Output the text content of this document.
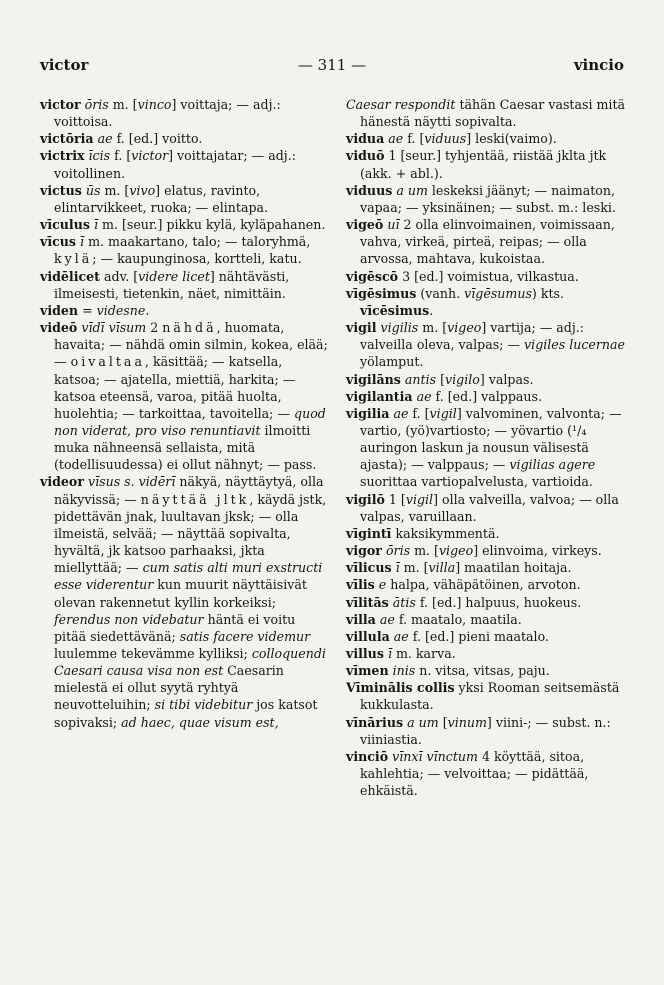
victor	— 311 —	vincio
victor ōris m. [vinco] voittaja; — adj.: voittoisa.
victōria ae f. [ed.] voitto.
victrix īcis f. [victor] voittajatar; — adj.: voitollinen.
victus ūs m. [vivo] elatus, ravinto, elintarvikkeet, ruoka; — elintapa.
vīculus ī m. [seur.] pikku kylä, kyläpahanen.
vīcus ī m. maakartano, talo; — taloryhmä, kylä; — kaupunginosa, kortteli, katu.
vidēlicet adv. [videre licet] nähtävästi, ilmeisesti, tietenkin, näet, nimittäin.
viden = videsne.
videō vīdī vīsum 2 nähdä, huomata, havaita; — nähdä omin silmin, kokea, elää; — oivaltaa, käsittää; — katsella, katsoa; — ajatella, miettiä, harkita; — katsoa eteensä, varoa, pitää huolta, huolehtia; — tarkoittaa, tavoitella; — quod non viderat, pro viso renuntiavit ilmoitti muka nähneensä sellaista, mitä (todellisuudessa) ei ollut nähnyt; — pass.
videor vīsus s. vidērī näkyä, näyttäytyä, olla näkyvissä; — näyttää jltk, käydä jstk, pidettävän jnak, luultavan jksk; — olla ilmeistä, selvää; — näyttää sopivalta, hyvältä, jk katsoo parhaaksi, jkta miellyttää; — cum satis alti muri exstructi esse viderentur kun muurit näyttäisivät olevan rakennetut kyllin korkeiksi; ferendus non videbatur häntä ei voitu pitää siedettävänä; satis facere videmur luulemme tekevämme kylliksi; colloquendi Caesari causa visa non est Caesarin mielestä ei ollut syytä ryhtyä neuvotteluihin; si tibi videbitur jos katsot sopivaksi; ad haec, quae visum est,
Caesar respondit tähän Caesar vastasi mitä hänestä näytti sopivalta.
vidua ae f. [viduus] leski(vaimo).
viduō 1 [seur.] tyhjentää, riistää jklta jtk (akk. + abl.).
viduus a um leskeksi jäänyt; — naimaton, vapaa; — yksinäinen; — subst. m.: leski.
vigeō uī 2 olla elinvoimainen, voimissaan, vahva, virkeä, pirteä, reipas; — olla arvossa, mahtava, kukoistaa.
vigēscō 3 [ed.] voimistua, vilkastua.
vīgēsimus (vanh. vīgēsumus) kts. vīcēsimus.
vigil vigilis m. [vigeo] vartija; — adj.: valveilla oleva, valpas; — vigiles lucernae yölamput.
vigilāns antis [vigilo] valpas.
vigilantia ae f. [ed.] valppaus.
vigilia ae f. [vigil] valvominen, valvonta; — vartio, (yö)vartiosto; — yövartio (¹/₄ auringon laskun ja nousun välisestä ajasta); — valppaus; — vigilias agere suorittaa vartiopalvelusta, vartioida.
vigilō 1 [vigil] olla valveilla, valvoa; — olla valpas, varuillaan.
vīgintī kaksikymmentä.
vigor ōris m. [vigeo] elinvoima, virkeys.
vīlicus ī m. [villa] maatilan hoitaja.
vīlis e halpa, vähäpätöinen, arvoton.
vīlitās ātis f. [ed.] halpuus, huokeus.
villa ae f. maatalo, maatila.
villula ae f. [ed.] pieni maatalo.
villus ī m. karva.
vīmen inis n. vitsa, vitsas, paju.
Vīminālis collis yksi Rooman seitsemästä kukkulasta.
vīnārius a um [vinum] viini-; — subst. n.: viiniastia.
vinciō vīnxī vīnctum 4 köyttää, sitoa, kahlehtia; — velvoittaa; — pidättää, ehkäistä.
